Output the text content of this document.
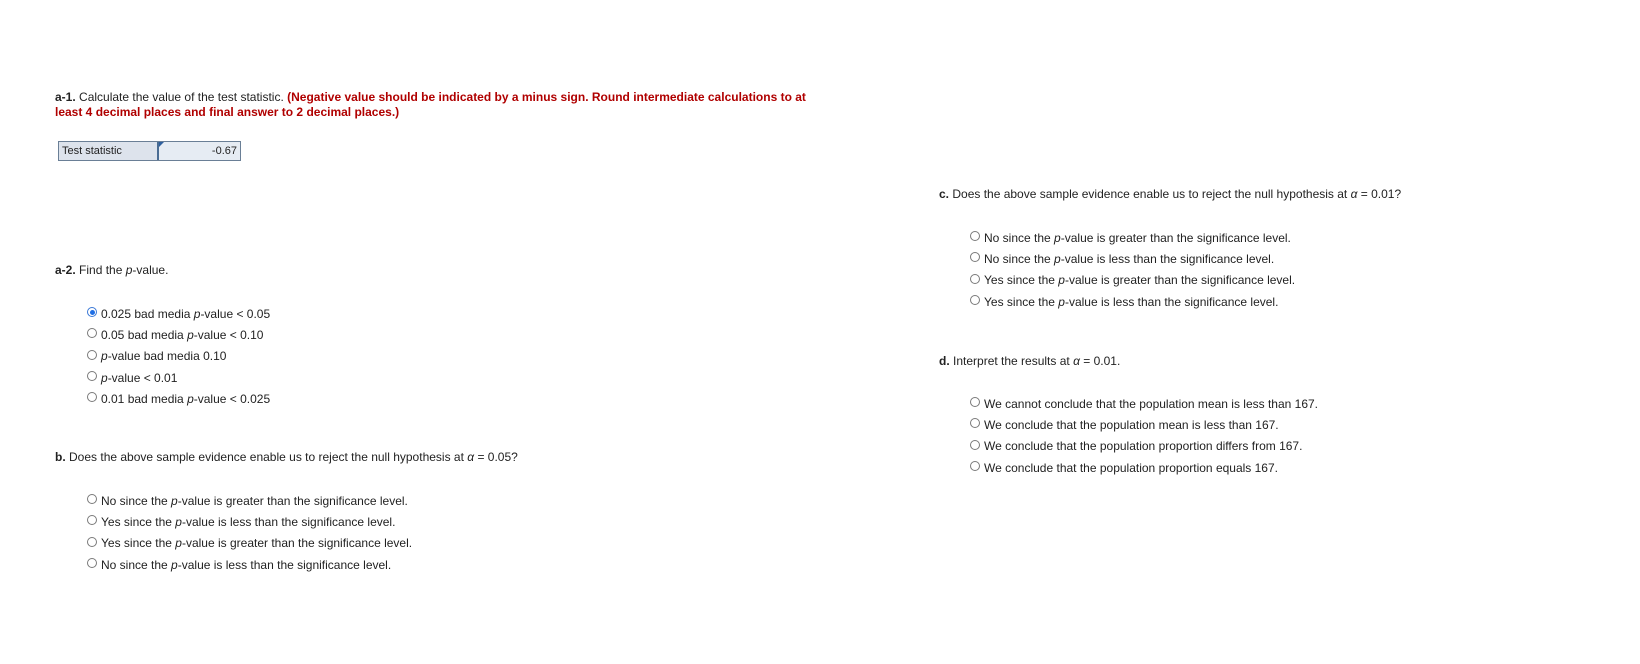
a-1. Calculate the value of the test statistic. (Negative value should be indicated by a minus sign. Round intermediate calculations to at least 4 decimal places and final answer to 2 decimal places.)
Test statistic	-0.67
a-2. Find the p-value.
0.025 bad media p-value < 0.05
0.05 bad media p-value < 0.10
p-value bad media 0.10
p-value < 0.01
0.01 bad media p-value < 0.025
b. Does the above sample evidence enable us to reject the null hypothesis at α = 0.05?
No since the p-value is greater than the significance level.
Yes since the p-value is less than the significance level.
Yes since the p-value is greater than the significance level.
No since the p-value is less than the significance level.
c. Does the above sample evidence enable us to reject the null hypothesis at α = 0.01?
No since the p-value is greater than the significance level.
No since the p-value is less than the significance level.
Yes since the p-value is greater than the significance level.
Yes since the p-value is less than the significance level.
d. Interpret the results at α = 0.01.
We cannot conclude that the population mean is less than 167.
We conclude that the population mean is less than 167.
We conclude that the population proportion differs from 167.
We conclude that the population proportion equals 167.
